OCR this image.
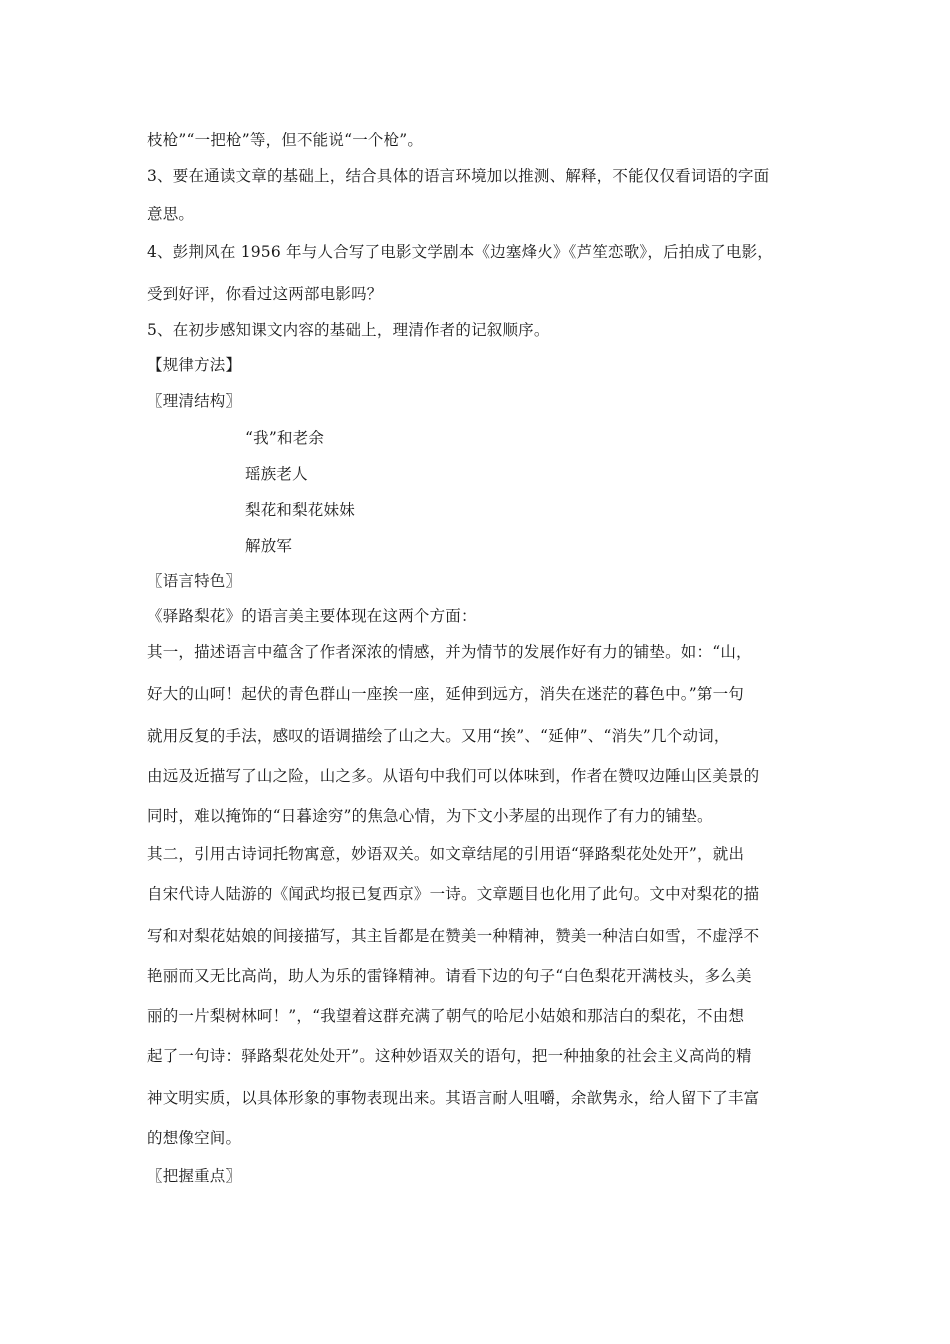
枝枪”“一把枪”等，但不能说“一个枪”。
3、要在通读文章的基础上，结合具体的语言环境加以推测、解释，不能仅仅看词语的字面
意思。
4、彭荆风在 1956 年与人合写了电影文学剧本《边塞烽火》《芦笙恋歌》，后拍成了电影，
受到好评，你看过这两部电影吗？
5、在初步感知课文内容的基础上，理清作者的记叙顺序。
【规律方法】
〖理清结构〗
“我”和老余
瑶族老人
梨花和梨花妹妹
解放军
〖语言特色〗
《驿路梨花》的语言美主要体现在这两个方面：
其一，描述语言中蕴含了作者深浓的情感，并为情节的发展作好有力的铺垫。如：“山，
好大的山呵！起伏的青色群山一座挨一座，延伸到远方，消失在迷茫的暮色中。”第一句
就用反复的手法，感叹的语调描绘了山之大。又用“挨”、“延伸”、“消失”几个动词，
由远及近描写了山之险，山之多。从语句中我们可以体味到，作者在赞叹边陲山区美景的
同时，难以掩饰的“日暮途穷”的焦急心情，为下文小茅屋的出现作了有力的铺垫。
其二，引用古诗词托物寓意，妙语双关。如文章结尾的引用语“驿路梨花处处开”，就出
自宋代诗人陆游的《闻武均报已复西京》一诗。文章题目也化用了此句。文中对梨花的描
写和对梨花姑娘的间接描写，其主旨都是在赞美一种精神，赞美一种洁白如雪，不虚浮不
艳丽而又无比高尚，助人为乐的雷锋精神。请看下边的句子“白色梨花开满枝头，多么美
丽的一片梨树林呵！”，“我望着这群充满了朝气的哈尼小姑娘和那洁白的梨花，不由想
起了一句诗：驿路梨花处处开”。这种妙语双关的语句，把一种抽象的社会主义高尚的精
神文明实质，以具体形象的事物表现出来。其语言耐人咀嚼，余歆隽永，给人留下了丰富
的想像空间。
〖把握重点〗
